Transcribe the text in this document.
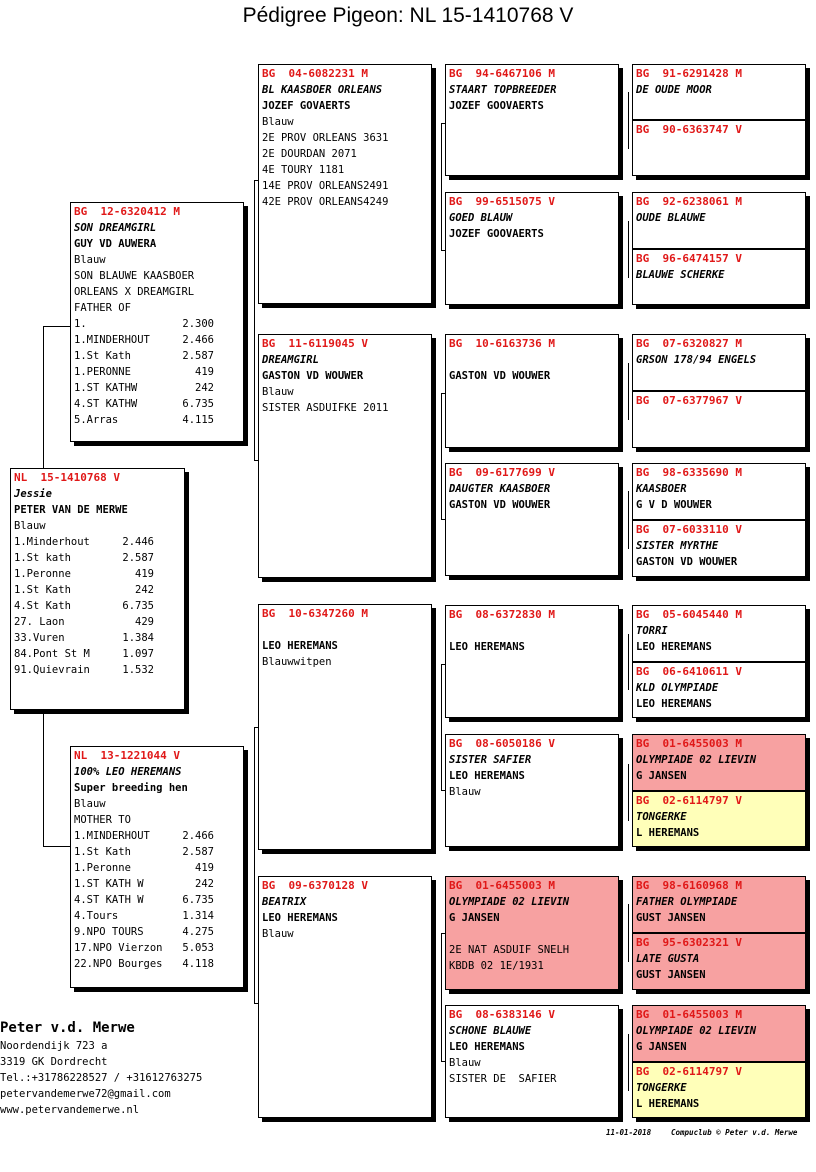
Pédigree Pigeon: NL 15-1410768 V
NL  15-1410768 V
Jessie
PETER VAN DE MERWE
Blauw
1.Minderhout	2.446
1.St kath	2.587
1.Peronne	419
1.St Kath	242
4.St Kath	6.735
27. Laon	429
33.Vuren	1.384
84.Pont St M	1.097
91.Quievrain	1.532
BG  12-6320412 M
SON DREAMGIRL
GUY VD AUWERA
Blauw
SON BLAUWE KAASBOER
ORLEANS X DREAMGIRL
FATHER OF
1.	2.300
1.MINDERHOUT	2.466
1.St Kath	2.587
1.PERONNE	419
1.ST KATHW	242
4.ST KATHW	6.735
5.Arras	4.115
NL  13-1221044 V
100% LEO HEREMANS
Super breeding hen
Blauw
MOTHER TO
1.MINDERHOUT	2.466
1.St Kath	2.587
1.Peronne	419
1.ST KATH W	242
4.ST KATH W	6.735
4.Tours	1.314
9.NPO TOURS	4.275
17.NPO Vierzon 5.053
22.NPO Bourges 4.118
BG  04-6082231 M
BL KAASBOER ORLEANS
JOZEF GOVAERTS
Blauw
2E PROV ORLEANS 3631
2E DOURDAN 2071
4E TOURY 1181
14E PROV ORLEANS2491
42E PROV ORLEANS4249
BG  11-6119045 V
DREAMGIRL
GASTON VD WOUWER
Blauw
SISTER ASDUIFKE 2011
BG  10-6347260 M
LEO HEREMANS
Blauwwitpen
BG  09-6370128 V
BEATRIX
LEO HEREMANS
Blauw
BG  94-6467106 M
STAART TOPBREEDER
JOZEF GOOVAERTS
BG  99-6515075 V
GOED BLAUW
JOZEF GOOVAERTS
BG  10-6163736 M
GASTON VD WOUWER
BG  09-6177699 V
DAUGTER KAASBOER
GASTON VD WOUWER
BG  08-6372830 M
LEO HEREMANS
BG  08-6050186 V
SISTER SAFIER
LEO HEREMANS
Blauw
BG  01-6455003 M
OLYMPIADE 02 LIEVIN
G JANSEN
2E NAT ASDUIF SNELH
KBDB 02 1E/1931
BG  08-6383146 V
SCHONE BLAUWE
LEO HEREMANS
Blauw
SISTER DE  SAFIER
BG  91-6291428 M
DE OUDE MOOR
BG  90-6363747 V
BG  92-6238061 M
OUDE BLAUWE
BG  96-6474157 V
BLAUWE SCHERKE
BG  07-6320827 M
GRSON 178/94 ENGELS
BG  07-6377967 V
BG  98-6335690 M
KAASBOER
G V D WOUWER
BG  07-6033110 V
SISTER MYRTHE
GASTON VD WOUWER
BG  05-6045440 M
TORRI
LEO HEREMANS
BG  06-6410611 V
KLD OLYMPIADE
LEO HEREMANS
BG  01-6455003 M
OLYMPIADE 02 LIEVIN
G JANSEN
BG  02-6114797 V
TONGERKE
L HEREMANS
BG  98-6160968 M
FATHER OLYMPIADE
GUST JANSEN
BG  95-6302321 V
LATE GUSTA
GUST JANSEN
BG  01-6455003 M
OLYMPIADE 02 LIEVIN
G JANSEN
BG  02-6114797 V
TONGERKE
L HEREMANS
Peter v.d. Merwe
Noordendijk 723 a
3319 GK Dordrecht
Tel.:+31786228527 / +31612763275
petervandemerwe72@gmail.com
www.petervandemerwe.nl
11-01-2018	Compuclub © Peter v.d. Merwe
